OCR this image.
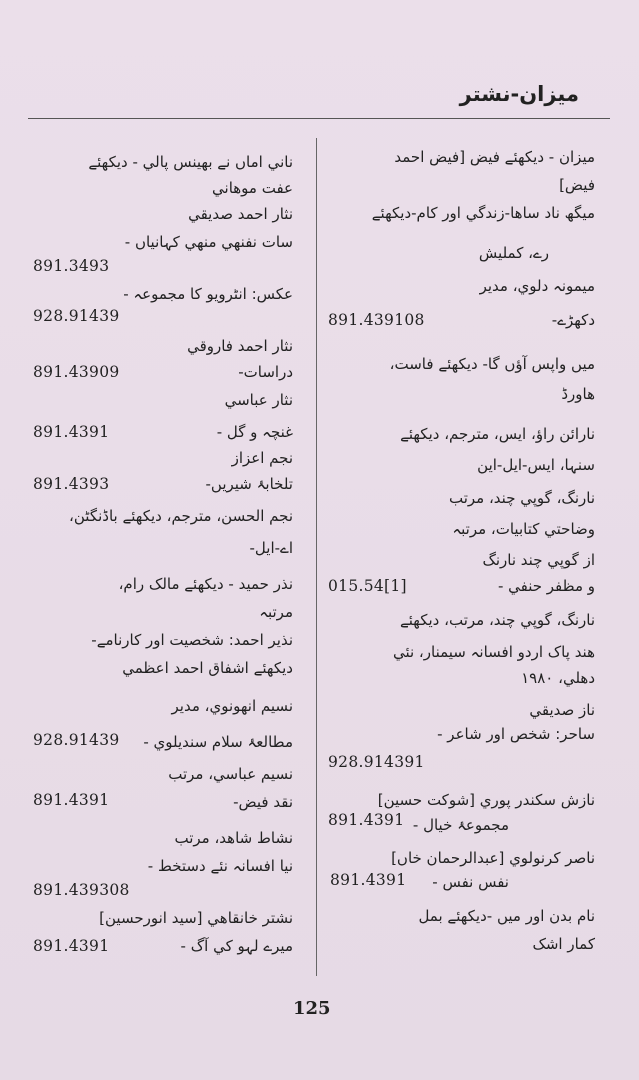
میزان-نشتر
میزان - دیکھئے فیض [فیض احمد
فیض]
میگھ ناد ساھا-زندگي اور کام-دیکھئے
رے، کملیش
میمونہ دلوي، مدیر
دکھڑے-
891.439108
میں واپس آؤں گا- دیکھئے فاست،
ھاورڈ
نارائن راؤ، ایس، مترجم، دیکھئے
سنہا، ایس-ایل-این
نارنگ، گوپي چند، مرتب
وضاحتي کتابیات، مرتبہ
از گوپي چند نارنگ
و مظفر حنفي -
015.54[1]
نارنگ، گوپي چند، مرتب، دیکھئے
ھند پاک اردو افسانہ سیمنار، نئي
دھلي، ۱۹۸۰
ناز صدیقي
ساحر: شخص اور شاعر -
928.914391
نازش سکندر پوري [شوکت حسین]
مجموعۂ خیال -
891.4391
ناصر کرنولوي [عبدالرحمان خاں]
نفس نفس -
891.4391
نام بدن اور میں -دیکھئے بمل
کمار اشک
ناني اماں نے بھینس پالي - دیکھئے
عفت موھاني
نثار احمد صدیقي
سات نفنھي منھي کہانیاں -
891.3493
عکس: انٹرویو کا مجموعہ -
928.91439
نثار احمد فاروقي
دراسات-
891.43909
نثار عباسي
غنچہ و گل -
891.4391
نجم اعزاز
تلخابۂ شیریں-
891.4393
نجم الحسن، مترجم، دیکھئے باڈنگٹن،
اے-ایل-
نذر حمید - دیکھئے مالک رام،
مرتبہ
نذیر احمد: شخصیت اور کارنامے-
دیکھئے اشفاق احمد اعظمي
نسیم انھونوي، مدیر
مطالعۂ سلام سندیلوي -
928.91439
نسیم عباسي، مرتب
نقد فیض-
891.4391
نشاط شاھد، مرتب
نیا افسانہ نئے دستخط -
891.439308
نشتر خانقاھي [سید انورحسین]
میرے لہو کي آگ -
891.4391
125
